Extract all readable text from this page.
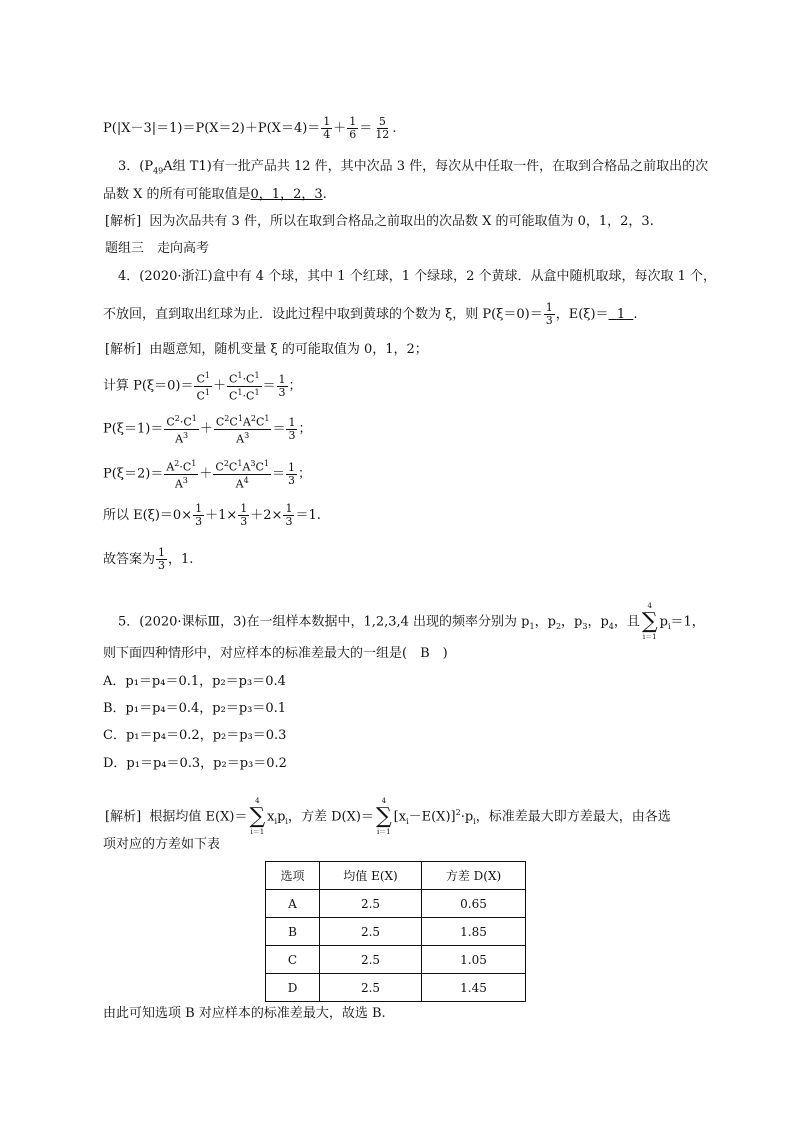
$P(|X-3|=1)=P(X=2)+P(X=4)= \frac{1}{4} + \frac{1}{6} = \frac{5}{12}$ .
3．($P_{49}A$组 T1)有一批产品共 12 件，其中次品 3 件，每次从中任取一件，在取到合格品之前取出的次
品数 X 的所有可能取值是0，1，2，3.
[解析] 因为次品共有 3 件，所以在取到合格品之前取出的次品数 X 的可能取值为 0，1，2，3.
题组三　走向高考
4．(2020·浙江)盒中有 4 个球，其中 1 个红球，1 个绿球，2 个黄球．从盒中随机取球，每次取 1 个，
不放回，直到取出红球为止．设此过程中取到黄球的个数为 ξ，则 $P(\xi=0)= \frac{1}{3}$ ，E(ξ)＝ 1 .
[解析] 由题意知，随机变量 ξ 的可能取值为 0，1，2；
计算 $P(\xi=0)= \frac{C^1}{C^1} + \frac{C^1\cdot C^1}{C^1\cdot C^1} = \frac{1}{3}$ ；
$P(\xi=1)= \frac{C^2\cdot C^1}{A^3} + \frac{C^2C^1A^2C^1}{A^3} = \frac{1}{3}$ ；
$P(\xi=2)= \frac{A^2\cdot C^1}{A^3} + \frac{C^2C^1A^3C^1}{A^4} = \frac{1}{3}$ ；
所以 $E(\xi)=0\times \frac{1}{3} +1\times \frac{1}{3} +2\times \frac{1}{3} =1$.
故答案为 $\frac{1}{3}$ ，1.
5．(2020·课标Ⅲ，3)在一组样本数据中，1,2,3,4 出现的频率分别为 $p_1$，$p_2$，$p_3$，$p_4$，且
4
∑
i＝1
$p_i=1$，
则下面四种情形中，对应样本的标准差最大的一组是(　B　)
A．p₁＝p₄＝0.1，p₂＝p₃＝0.4
B．p₁＝p₄＝0.4，p₂＝p₃＝0.1
C．p₁＝p₄＝0.2，p₂＝p₃＝0.3
D．p₁＝p₄＝0.3，p₂＝p₃＝0.2
[解析] 根据均值 E(X)＝
4
∑
i＝1
$x_ip_i$，方差 D(X)＝
4
∑
i＝1
$[x_i-E(X)]^2\cdot p_i$，标准差最大即方差最大，由各选
项对应的方差如下表
选项	均值 E(X)	方差 D(X)
A	2.5	0.65
B	2.5	1.85
C	2.5	1.05
D	2.5	1.45
由此可知选项 B 对应样本的标准差最大，故选 B.
